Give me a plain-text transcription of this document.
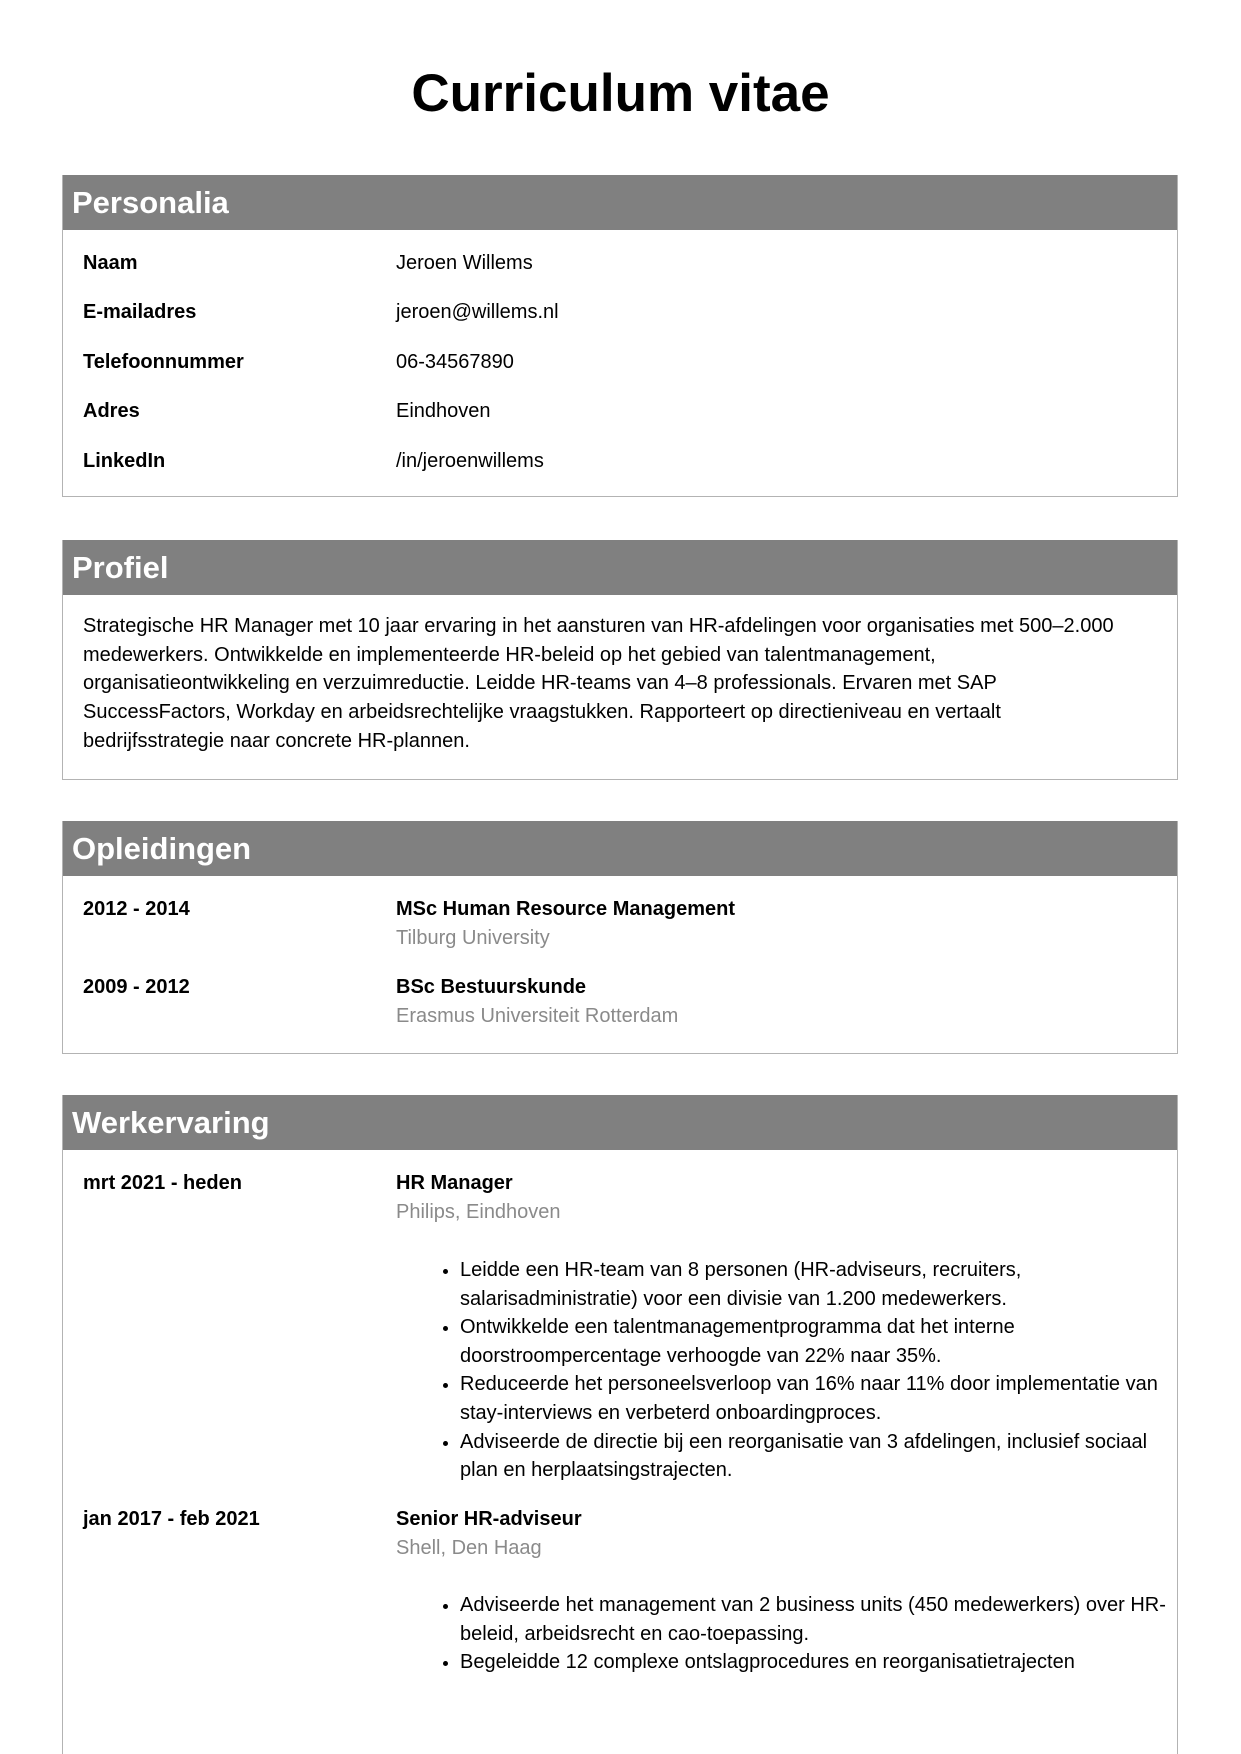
Curriculum vitae
Personalia
Naam	Jeroen Willems
E-mailadres	jeroen@willems.nl
Telefoonnummer	06-34567890
Adres	Eindhoven
LinkedIn	/in/jeroenwillems
Profiel
Strategische HR Manager met 10 jaar ervaring in het aansturen van HR-afdelingen voor organisaties met 500–2.000 medewerkers. Ontwikkelde en implementeerde HR-beleid op het gebied van talentmanagement, organisatieontwikkeling en verzuimreductie. Leidde HR-teams van 4–8 professionals. Ervaren met SAP SuccessFactors, Workday en arbeidsrechtelijke vraagstukken. Rapporteert op directieniveau en vertaalt bedrijfsstrategie naar concrete HR-plannen.
Opleidingen
2012 - 2014	MSc Human Resource Management
Tilburg University
2009 - 2012	BSc Bestuurskunde
Erasmus Universiteit Rotterdam
Werkervaring
mrt 2021 - heden	HR Manager
Philips, Eindhoven
• Leidde een HR-team van 8 personen (HR-adviseurs, recruiters, salarisadministratie) voor een divisie van 1.200 medewerkers.
• Ontwikkelde een talentmanagementprogramma dat het interne doorstroompercentage verhoogde van 22% naar 35%.
• Reduceerde het personeelsverloop van 16% naar 11% door implementatie van stay-interviews en verbeterd onboardingproces.
• Adviseerde de directie bij een reorganisatie van 3 afdelingen, inclusief sociaal plan en herplaatsingstrajecten.
jan 2017 - feb 2021	Senior HR-adviseur
Shell, Den Haag
• Adviseerde het management van 2 business units (450 medewerkers) over HR-beleid, arbeidsrecht en cao-toepassing.
• Begeleidde 12 complexe ontslagprocedures en reorganisatietrajecten
